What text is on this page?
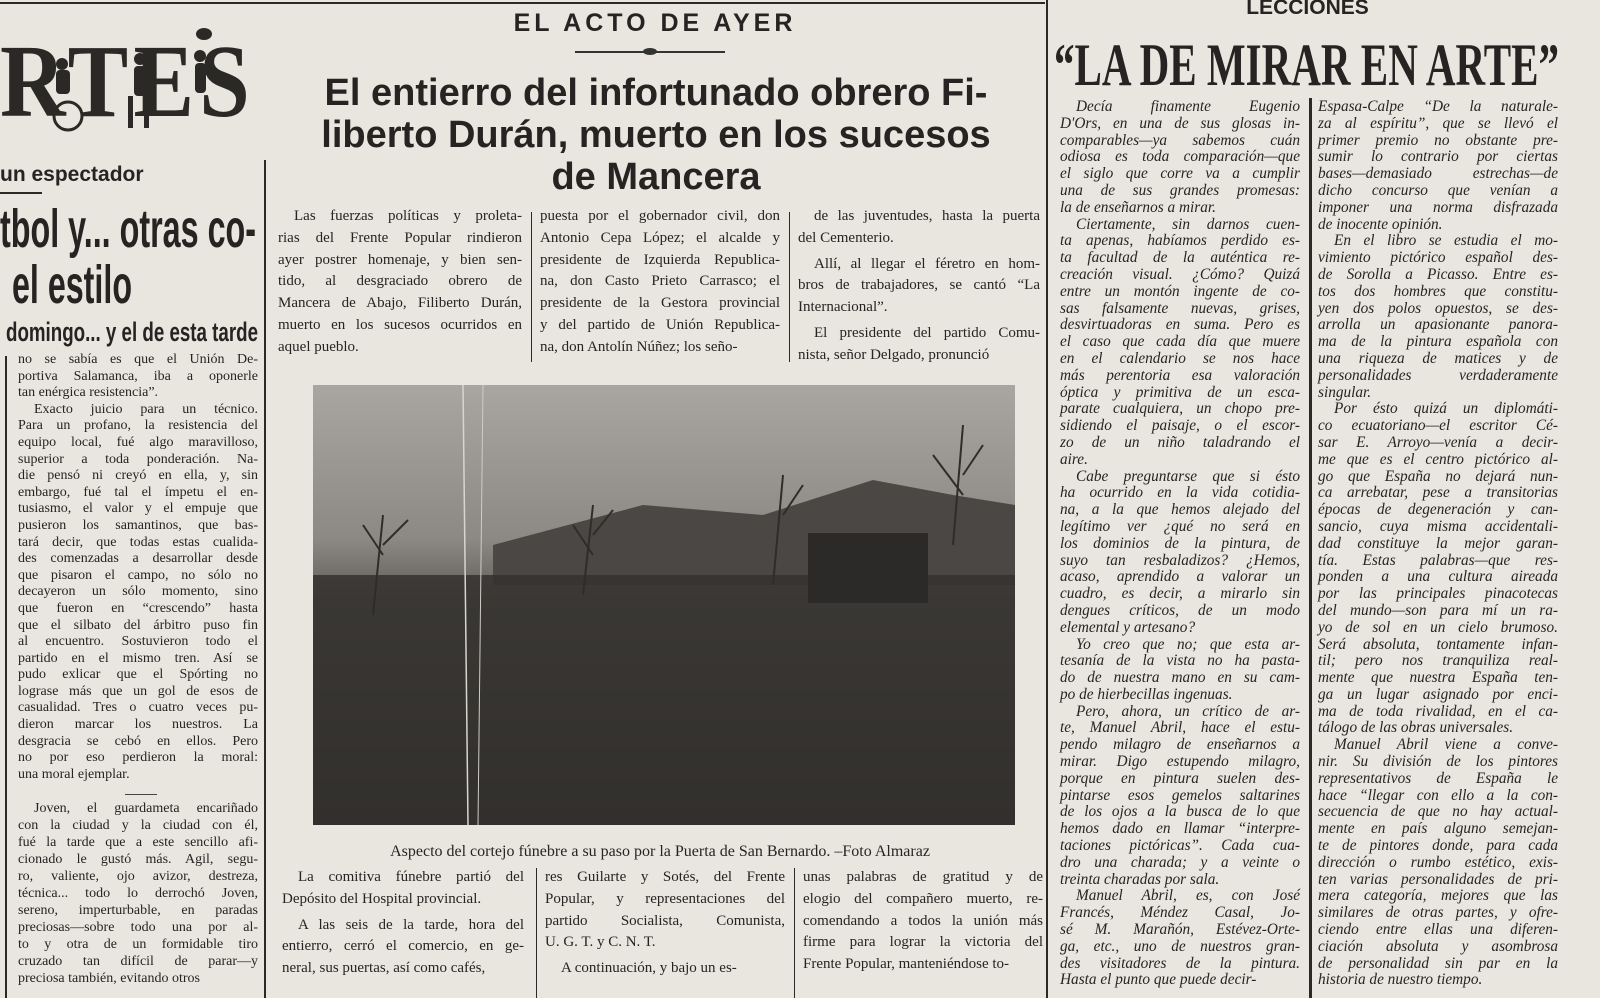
RTES
un espectador
tbol y... otras co-
el estilo
domingo... y el de esta tarde
no se sabía es que el Unión De-
portiva Salamanca, iba a oponerle
tan enérgica resistencia”.
Exacto juicio para un técnico.
Para un profano, la resistencia del
equipo local, fué algo maravilloso,
superior a toda ponderación. Na-
die pensó ni creyó en ella, y, sin
embargo, fué tal el ímpetu el en-
tusiasmo, el valor y el empuje que
pusieron los samantinos, que bas-
tará decir, que todas estas cualida-
des comenzadas a desarrollar desde
que pisaron el campo, no sólo no
decayeron un sólo momento, sino
que fueron en “crescendo” hasta
que el silbato del árbitro puso fin
al encuentro. Sostuvieron todo el
partido en el mismo tren. Así se
pudo exlicar que el Spórting no
lograse más que un gol de esos de
casualidad. Tres o cuatro veces pu-
dieron marcar los nuestros. La
desgracia se cebó en ellos. Pero
no por eso perdieron la moral:
una moral ejemplar.
Joven, el guardameta encariñado
con la ciudad y la ciudad con él,
fué la tarde que a este sencillo afi-
cionado le gustó más. Agil, segu-
ro, valiente, ojo avizor, destreza,
técnica... todo lo derrochó Joven,
sereno, imperturbable, en paradas
preciosas—sobre todo una por al-
to y otra de un formidable tiro
cruzado tan difícil de parar—y
preciosa también, evitando otros
EL ACTO DE AYER
El entierro del infortunado obrero Fi-
liberto Durán, muerto en los sucesos
de Mancera
Las fuerzas políticas y proleta-
rias del Frente Popular rindieron
ayer postrer homenaje, y bien sen-
tido, al desgraciado obrero de
Mancera de Abajo, Filiberto Durán,
muerto en los sucesos ocurridos en
aquel pueblo.
puesta por el gobernador civil, don
Antonio Cepa López; el alcalde y
presidente de Izquierda Republica-
na, don Casto Prieto Carrasco; el
presidente de la Gestora provincial
y del partido de Unión Republica-
na, don Antolín Núñez; los seño-
de las juventudes, hasta la puerta
del Cementerio.
Allí, al llegar el féretro en hom-
bros de trabajadores, se cantó “La
Internacional”.
El presidente del partido Comu-
nista, señor Delgado, pronunció
Aspecto del cortejo fúnebre a su paso por la Puerta de San Bernardo. –Foto Almaraz
La comitiva fúnebre partió del
Depósito del Hospital provincial.
A las seis de la tarde, hora del
entierro, cerró el comercio, en ge-
neral, sus puertas, así como cafés,
res Guilarte y Sotés, del Frente
Popular, y representaciones del
partido Socialista, Comunista,
U. G. T. y C. N. T.
A continuación, y bajo un es-
unas palabras de gratitud y de
elogio del compañero muerto, re-
comendando a todos la unión más
firme para lograr la victoria del
Frente Popular, manteniéndose to-
LECCIONES
“LA DE MIRAR EN ARTE”
Decía finamente Eugenio
D'Ors, en una de sus glosas in-
comparables—ya sabemos cuán
odiosa es toda comparación—que
el siglo que corre va a cumplir
una de sus grandes promesas:
la de enseñarnos a mirar.
Ciertamente, sin darnos cuen-
ta apenas, habíamos perdido es-
ta facultad de la auténtica re-
creación visual. ¿Cómo? Quizá
entre un montón ingente de co-
sas falsamente nuevas, grises,
desvirtuadoras en suma. Pero es
el caso que cada día que muere
en el calendario se nos hace
más perentoria esa valoración
óptica y primitiva de un esca-
parate cualquiera, un chopo pre-
sidiendo el paisaje, o el escor-
zo de un niño taladrando el
aire.
Cabe preguntarse que si ésto
ha ocurrido en la vida cotidia-
na, a la que hemos alejado del
legítimo ver ¿qué no será en
los dominios de la pintura, de
suyo tan resbaladizos? ¿Hemos,
acaso, aprendido a valorar un
cuadro, es decir, a mirarlo sin
dengues críticos, de un modo
elemental y artesano?
Yo creo que no; que esta ar-
tesanía de la vista no ha pasta-
do de nuestra mano en su cam-
po de hierbecillas ingenuas.
Pero, ahora, un crítico de ar-
te, Manuel Abril, hace el estu-
pendo milagro de enseñarnos a
mirar. Digo estupendo milagro,
porque en pintura suelen des-
pintarse esos gemelos saltarines
de los ojos a la busca de lo que
hemos dado en llamar “interpre-
taciones pictóricas”. Cada cua-
dro una charada; y a veinte o
treinta charadas por sala.
Manuel Abril, es, con José
Francés, Méndez Casal, Jo-
sé M. Marañón, Estévez-Orte-
ga, etc., uno de nuestros gran-
des visitadores de la pintura.
Hasta el punto que puede decir-
Espasa-Calpe “De la naturale-
za al espíritu”, que se llevó el
primer premio no obstante pre-
sumir lo contrario por ciertas
bases—demasiado estrechas—de
dicho concurso que venían a
imponer una norma disfrazada
de inocente opinión.
En el libro se estudia el mo-
vimiento pictórico español des-
de Sorolla a Picasso. Entre es-
tos dos hombres que constitu-
yen dos polos opuestos, se des-
arrolla un apasionante panora-
ma de la pintura española con
una riqueza de matices y de
personalidades verdaderamente
singular.
Por ésto quizá un diplomáti-
co ecuatoriano—el escritor Cé-
sar E. Arroyo—venía a decir-
me que es el centro pictórico al-
go que España no dejará nun-
ca arrebatar, pese a transitorias
épocas de degeneración y can-
sancio, cuya misma accidentali-
dad constituye la mejor garan-
tía. Estas palabras—que res-
ponden a una cultura aireada
por las principales pinacotecas
del mundo—son para mí un ra-
yo de sol en un cielo brumoso.
Será absoluta, tontamente infan-
til; pero nos tranquiliza real-
mente que nuestra España ten-
ga un lugar asignado por enci-
ma de toda rivalidad, en el ca-
tálogo de las obras universales.
Manuel Abril viene a conve-
nir. Su división de los pintores
representativos de España le
hace “llegar con ello a la con-
secuencia de que no hay actual-
mente en país alguno semejan-
te de pintores donde, para cada
dirección o rumbo estético, exis-
ten varias personalidades de pri-
mera categoría, mejores que las
similares de otras partes, y ofre-
ciendo entre ellas una diferen-
ciación absoluta y asombrosa
de personalidad sin par en la
historia de nuestro tiempo.
